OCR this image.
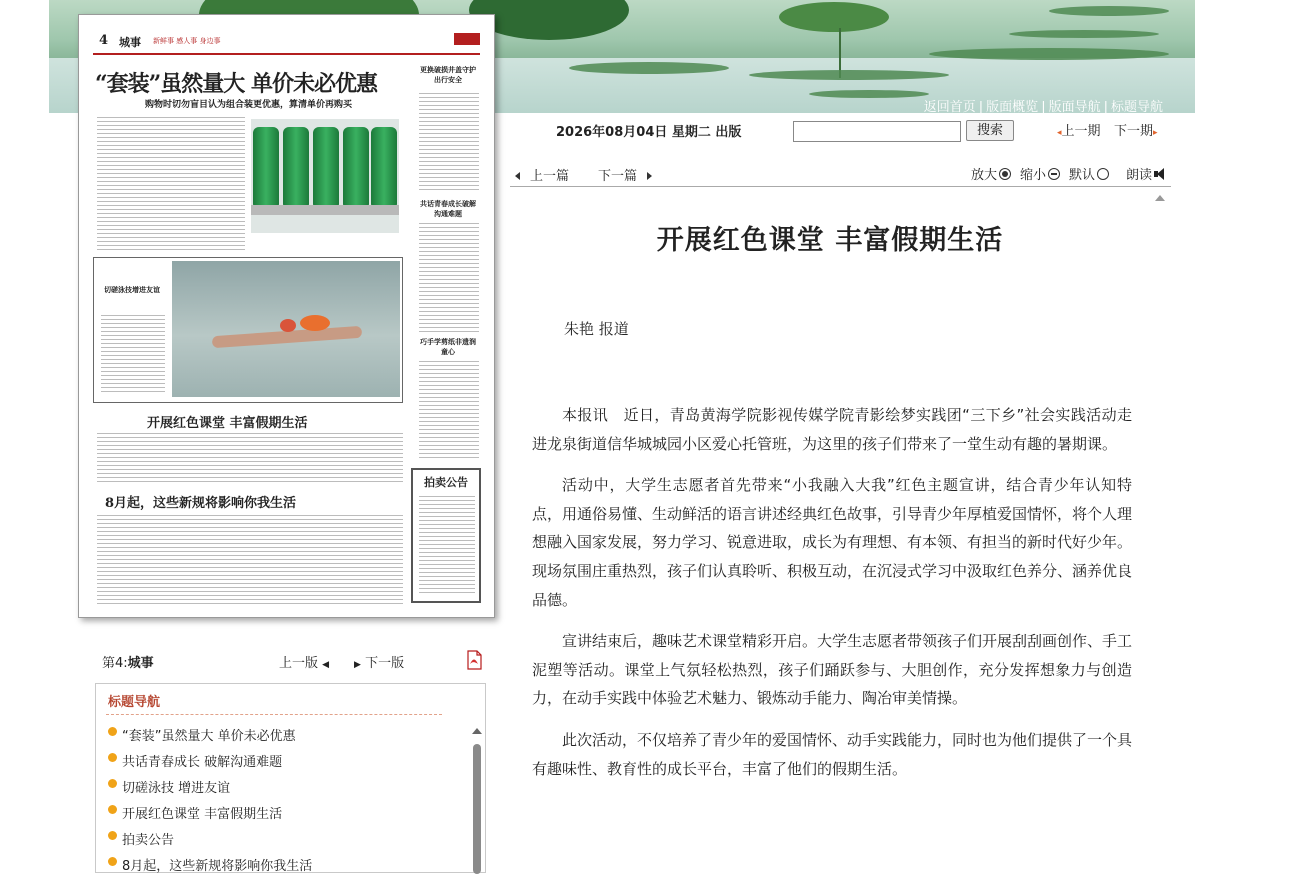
返回首页 | 版面概览 | 版面导航 | 标题导航
4 城事 新鲜事 感人事 身边事
“套装”虽然量大 单价未必优惠
购物时切勿盲目认为组合装更优惠，算清单价再购买
更换破损井盖守护出行安全
共话青春成长破解沟通难题
巧手学剪纸非遗润童心
切磋泳技增进友谊
开展红色课堂 丰富假期生活
8月起，这些新规将影响你我生活
拍卖公告
第4:城事	上一版 ◀	▶ 下一版
标题导航
“套装”虽然量大 单价未必优惠
共话青春成长 破解沟通难题
切磋泳技 增进友谊
开展红色课堂 丰富假期生活
拍卖公告
8月起，这些新规将影响你我生活
2026年08月04日 星期二 出版	搜索	◂上一期 下一期▸
上一篇 下一篇	放大 缩小 默认 朗读
开展红色课堂 丰富假期生活
朱艳 报道

本报讯　近日，青岛黄海学院影视传媒学院青影绘梦实践团“三下乡”社会实践活动走进龙泉街道信华城城园小区爱心托管班，为这里的孩子们带来了一堂生动有趣的暑期课。

活动中，大学生志愿者首先带来“小我融入大我”红色主题宣讲，结合青少年认知特点，用通俗易懂、生动鲜活的语言讲述经典红色故事，引导青少年厚植爱国情怀，将个人理想融入国家发展，努力学习、锐意进取，成长为有理想、有本领、有担当的新时代好少年。现场氛围庄重热烈，孩子们认真聆听、积极互动，在沉浸式学习中汲取红色养分、涵养优良品德。

宣讲结束后，趣味艺术课堂精彩开启。大学生志愿者带领孩子们开展刮刮画创作、手工泥塑等活动。课堂上气氛轻松热烈，孩子们踊跃参与、大胆创作，充分发挥想象力与创造力，在动手实践中体验艺术魅力、锻炼动手能力、陶冶审美情操。

此次活动，不仅培养了青少年的爱国情怀、动手实践能力，同时也为他们提供了一个具有趣味性、教育性的成长平台，丰富了他们的假期生活。
